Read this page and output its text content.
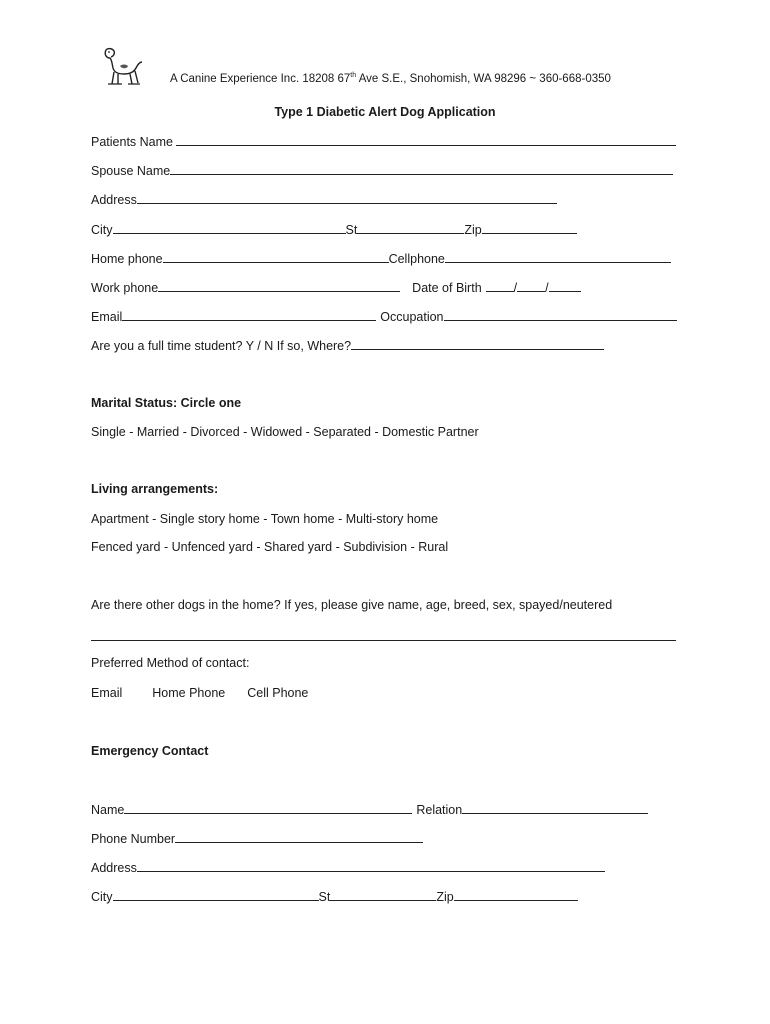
A Canine Experience Inc. 18208 67th Ave S.E., Snohomish, WA 98296 ~ 360-668-0350
Type 1 Diabetic Alert Dog Application
Patients Name
Spouse Name
Address
City	St	Zip
Home phone	Cellphone
Work phone	Date of Birth	/ /
Email	Occupation
Are you a full time student? Y / N If so, Where?
Marital Status: Circle one
Single - Married - Divorced - Widowed - Separated - Domestic Partner
Living arrangements:
Apartment - Single story home - Town home - Multi-story home
Fenced yard - Unfenced yard - Shared yard - Subdivision - Rural
Are there other dogs in the home? If yes, please give name, age, breed, sex, spayed/neutered
Preferred Method of contact:
Email Home Phone Cell Phone
Emergency Contact
Name	Relation
Phone Number
Address
City	St	Zip
